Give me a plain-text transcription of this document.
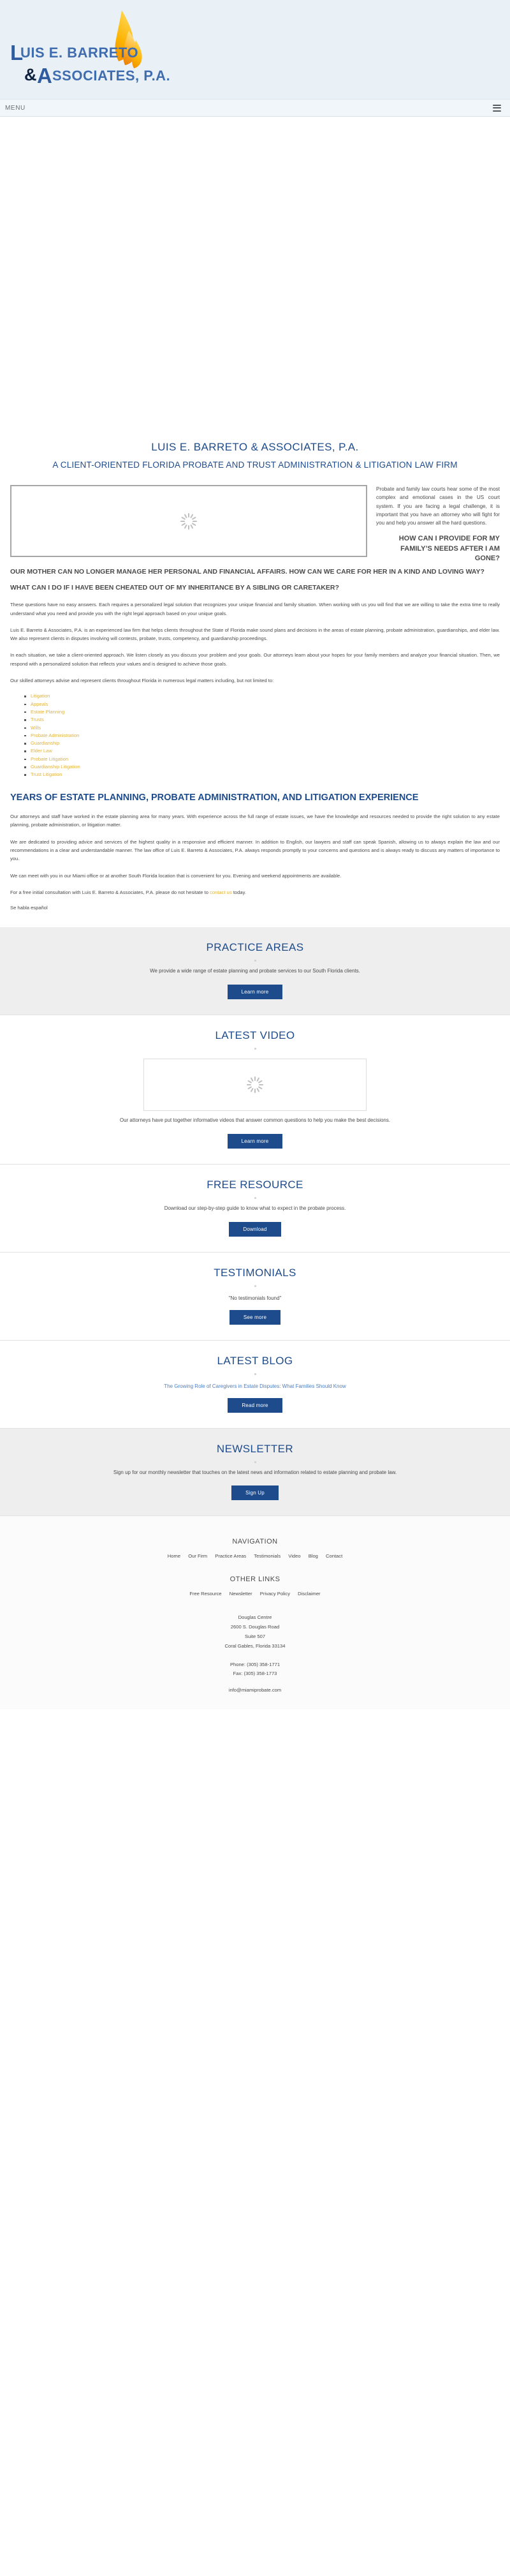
L
UIS E. BARRETO
& A SSOCIATES, P.A.
MENU
LUIS E. BARRETO & ASSOCIATES, P.A.
A CLIENT-ORIENTED FLORIDA PROBATE AND TRUST ADMINISTRATION & LITIGATION LAW FIRM

Probate and family law courts hear some of the most complex and emotional cases in the US court system. If you are facing a legal challenge, it is important that you have an attorney who will fight for you and help you answer all the hard questions.

HOW CAN I PROVIDE FOR MY FAMILY’S NEEDS AFTER I AM GONE?
OUR MOTHER CAN NO LONGER MANAGE HER PERSONAL AND FINANCIAL AFFAIRS. HOW CAN WE CARE FOR HER IN A KIND AND LOVING WAY?
WHAT CAN I DO IF I HAVE BEEN CHEATED OUT OF MY INHERITANCE BY A SIBLING OR CARETAKER?

These questions have no easy answers. Each requires a personalized legal solution that recognizes your unique financial and family situation. When working with us you will find that we are willing to take the extra time to really understand what you need and provide you with the right legal approach based on your unique goals.

Luis E. Barreto & Associates, P.A. is an experienced law firm that helps clients throughout the State of Florida make sound plans and decisions in the areas of estate planning, probate administration, guardianships, and elder law. We also represent clients in disputes involving will contests, probate, trusts, competency, and guardianship proceedings.

In each situation, we take a client-oriented approach. We listen closely as you discuss your problem and your goals. Our attorneys learn about your hopes for your family members and analyze your financial situation. Then, we respond with a personalized solution that reflects your values and is designed to achieve those goals.

Our skilled attorneys advise and represent clients throughout Florida in numerous legal matters including, but not limited to:

Litigation
Appeals
Estate Planning
Trusts
Wills
Probate Administration
Guardianship
Elder Law
Probate Litigation
Guardianship Litigation
Trust Litigation
YEARS OF ESTATE PLANNING, PROBATE ADMINISTRATION, AND LITIGATION EXPERIENCE

Our attorneys and staff have worked in the estate planning area for many years. With experience across the full range of estate issues, we have the knowledge and resources needed to provide the right solution to any estate planning, probate administration, or litigation matter.

We are dedicated to providing advice and services of the highest quality in a responsive and efficient manner. In addition to English, our lawyers and staff can speak Spanish, allowing us to always explain the law and our recommendations in a clear and understandable manner. The law office of Luis E. Barreto & Associates, P.A. always responds promptly to your concerns and questions and is always ready to discuss any matters of importance to you.

We can meet with you in our Miami office or at another South Florida location that is convenient for you. Evening and weekend appointments are available.

For a free initial consultation with Luis E. Barreto & Associates, P.A. please do not hesitate to contact us today.

Se habla español

PRACTICE AREAS

We provide a wide range of estate planning and probate services to our South Florida clients.

Learn more
LATEST VIDEO

Our attorneys have put together informative videos that answer common questions to help you make the best decisions.

Learn more
FREE RESOURCE

Download our step-by-step guide to know what to expect in the probate process.

Download
TESTIMONIALS

"No testimonials found"

See more
LATEST BLOG
The Growing Role of Caregivers in Estate Disputes: What Families Should Know
Read more
NEWSLETTER

Sign up for our monthly newsletter that touches on the latest news and information related to estate planning and probate law.

Sign Up
NAVIGATION
Home Our Firm Practice Areas Testimonials Video Blog Contact
OTHER LINKS
Free Resource Newsletter Privacy Policy Disclaimer
Douglas Centre
2600 S. Douglas Road
Suite 507
Coral Gables, Florida 33134
Phone: (305) 358-1771
Fax: (305) 358-1773
info@miamiprobate.com
